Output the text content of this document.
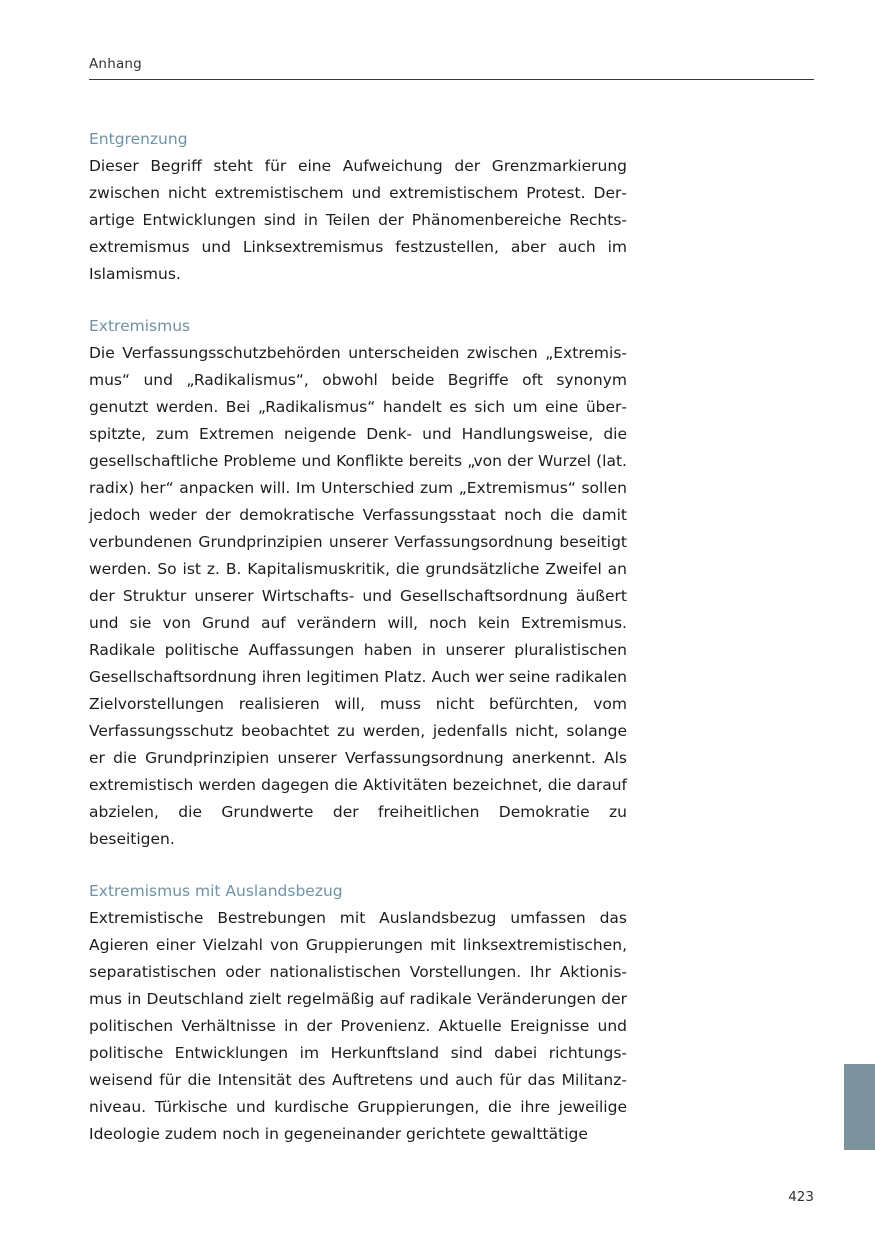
Anhang
Entgrenzung

Dieser Begriff steht für eine Aufweichung der Grenzmarkierung zwischen nicht extremistischem und extremistischem Protest. Derartige Entwicklungen sind in Teilen der Phänomenbereiche Rechtsextremismus und Linksextremismus festzustellen, aber auch im Islamismus.

Extremismus

Die Verfassungsschutzbehörden unterscheiden zwischen „Extremismus“ und „Radikalismus“, obwohl beide Begriffe oft synonym genutzt werden. Bei „Radikalismus“ handelt es sich um eine überspitzte, zum Extremen neigende Denk- und Handlungsweise, die gesellschaftliche Probleme und Konflikte bereits „von der Wurzel (lat. radix) her“ anpacken will. Im Unterschied zum „Extremismus“ sollen jedoch weder der demokratische Verfassungsstaat noch die damit verbundenen Grundprinzipien unserer Verfassungsordnung beseitigt werden. So ist z. B. Kapitalismuskritik, die grundsätzliche Zweifel an der Struktur unserer Wirtschafts- und Gesellschaftsordnung äußert und sie von Grund auf verändern will, noch kein Extremismus. Radikale politische Auffassungen haben in unserer pluralistischen Gesellschaftsordnung ihren legitimen Platz. Auch wer seine radikalen Zielvorstellungen realisieren will, muss nicht befürchten, vom Verfassungsschutz beobachtet zu werden, jedenfalls nicht, solange er die Grundprinzipien unserer Verfassungsordnung anerkennt. Als extremistisch werden dagegen die Aktivitäten bezeichnet, die darauf abzielen, die Grundwerte der freiheitlichen Demokratie zu beseitigen.

Extremismus mit Auslandsbezug

Extremistische Bestrebungen mit Auslandsbezug umfassen das Agieren einer Vielzahl von Gruppierungen mit linksextremistischen, separatistischen oder nationalistischen Vorstellungen. Ihr Aktionismus in Deutschland zielt regelmäßig auf radikale Veränderungen der politischen Verhältnisse in der Provenienz. Aktuelle Ereignisse und politische Entwicklungen im Herkunftsland sind dabei richtungsweisend für die Intensität des Auftretens und auch für das Militanzniveau. Türkische und kurdische Gruppierungen, die ihre jeweilige Ideologie zudem noch in gegeneinander gerichtete gewalttätige

423
